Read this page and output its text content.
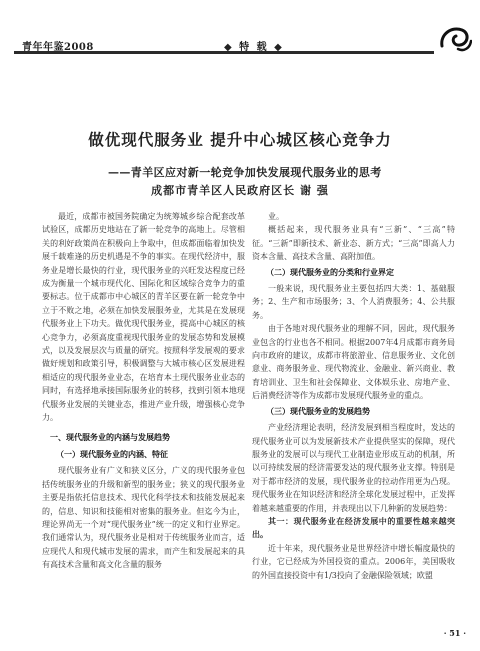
青年年鉴2008	◆ 特 载 ◆
做优现代服务业 提升中心城区核心竞争力
——青羊区应对新一轮竞争加快发展现代服务业的思考
成都市青羊区人民政府区长 谢 强

最近，成都市被国务院确定为统筹城乡综合配套改革试验区，成都历史地站在了新一轮竞争的高地上。尽管相关的利好政策尚在积极向上争取中，但成都面临着加快发展千载难逢的历史机遇是不争的事实。在现代经济中，服务业是增长最快的行业，现代服务业的兴旺发达程度已经成为衡量一个城市现代化、国际化和区域综合竞争力的重要标志。位于成都市中心城区的青羊区要在新一轮竞争中立于不败之地，必须在加快发展服务业，尤其是在发展现代服务业上下功夫。做优现代服务业，提高中心城区的核心竞争力，必须高度重视现代服务业的发展态势和发展模式，以及发展层次与质量的研究。按照科学发展观的要求做好规划和政策引导，积极调整与大城市核心区发展进程相适应的现代服务业业态，在培育本土现代服务业业态的同时，有选择地承接国际服务业的转移，找到引领本地现代服务业发展的关键业态，推进产业升级，增强核心竞争力。

一、现代服务业的内涵与发展趋势
（一）现代服务业的内涵、特征

现代服务业有广义和狭义区分，广义的现代服务业包括传统服务业的升级和新型的服务业；狭义的现代服务业主要是指依托信息技术、现代化科学技术和技能发展起来的，信息、知识和技能相对密集的服务业。但迄今为止，理论界尚无一个对“现代服务业”统一的定义和行业界定。我们通常认为，现代服务业是相对于传统服务业而言，适应现代人和现代城市发展的需求，而产生和发展起来的具有高技术含量和高文化含量的服务

业。

概括起来，现代服务业具有“三新”、“三高”特征。“三新”即新技术、新业态、新方式；“三高”即高人力资本含量、高技术含量、高附加值。

（二）现代服务业的分类和行业界定

一般来说，现代服务业主要包括四大类：1、基础服务；2、生产和市场服务；3、个人消费服务；4、公共服务。

由于各地对现代服务业的理解不同，因此，现代服务业包含的行业也各不相同。根据2007年4月成都市商务局向市政府的建议，成都市将旅游业、信息服务业、文化创意业、商务服务业、现代物流业、金融业、新兴商业、教育培训业、卫生和社会保障业、文体娱乐业、房地产业、后消费经济等作为成都市发展现代服务业的重点。

（三）现代服务业的发展趋势

产业经济理论表明，经济发展到相当程度时，发达的现代服务业可以为发展新技术产业提供坚实的保障，现代服务业的发展可以与现代工业制造业形成互动的机制，所以可持续发展的经济需要发达的现代服务业支撑。特别是对于都市经济的发展，现代服务业的拉动作用更为凸现。现代服务业在知识经济和经济全球化发展过程中，正发挥着越来越重要的作用，并表现出以下几种新的发展趋势：

其一：现代服务业在经济发展中的重要性越来越突出。

近十年来，现代服务业是世界经济中增长幅度最快的行业，它已经成为外国投资的重点。2006年，美国吸收的外国直接投资中有1/3投向了金融保险领域；欧盟

· 51 ·
